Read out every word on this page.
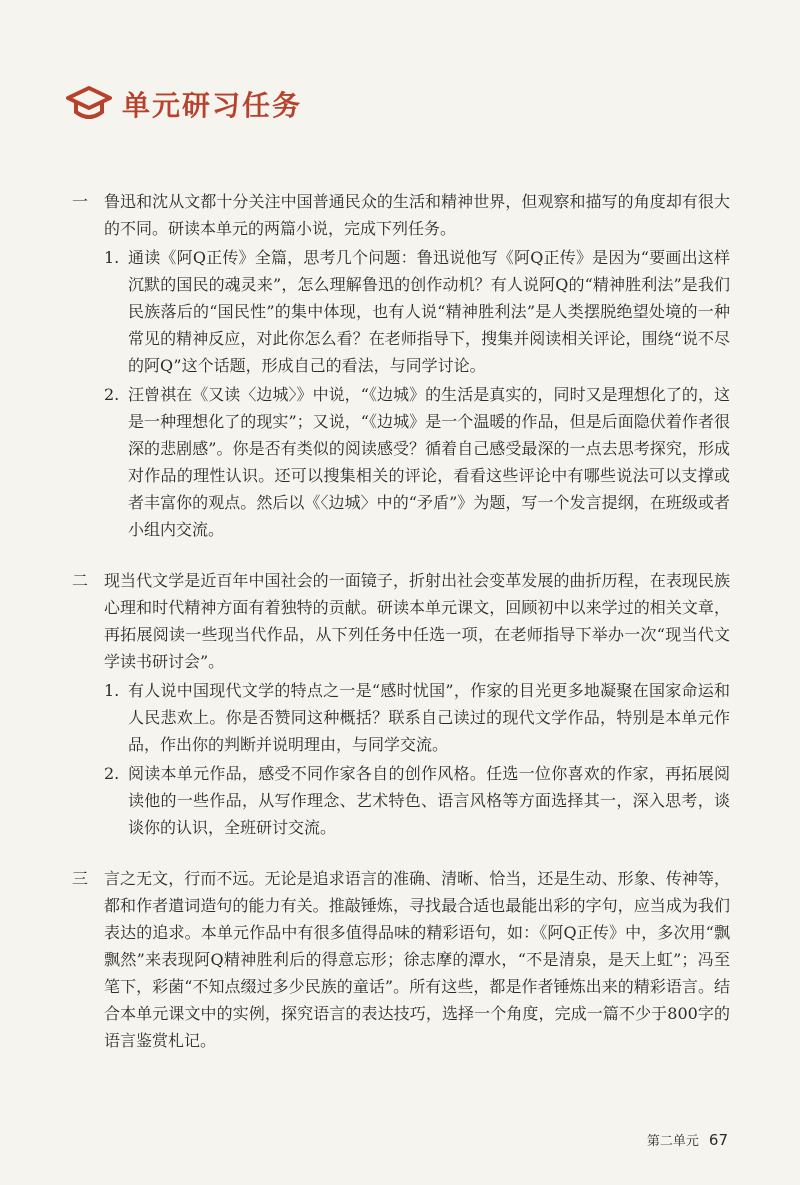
单元研习任务
一 鲁迅和沈从文都十分关注中国普通民众的生活和精神世界，但观察和描写的角度却有很大的不同。研读本单元的两篇小说，完成下列任务。
1. 通读《阿Q正传》全篇，思考几个问题：鲁迅说他写《阿Q正传》是因为“要画出这样沉默的国民的魂灵来”，怎么理解鲁迅的创作动机？有人说阿Q的“精神胜利法”是我们民族落后的“国民性”的集中体现，也有人说“精神胜利法”是人类摆脱绝望处境的一种常见的精神反应，对此你怎么看？在老师指导下，搜集并阅读相关评论，围绕“说不尽的阿Q”这个话题，形成自己的看法，与同学讨论。
2. 汪曾祺在《又读〈边城〉》中说，“《边城》的生活是真实的，同时又是理想化了的，这是一种理想化了的现实”；又说，“《边城》是一个温暖的作品，但是后面隐伏着作者很深的悲剧感”。你是否有类似的阅读感受？循着自己感受最深的一点去思考探究，形成对作品的理性认识。还可以搜集相关的评论，看看这些评论中有哪些说法可以支撑或者丰富你的观点。然后以《〈边城〉中的“矛盾”》为题，写一个发言提纲，在班级或者小组内交流。
二 现当代文学是近百年中国社会的一面镜子，折射出社会变革发展的曲折历程，在表现民族心理和时代精神方面有着独特的贡献。研读本单元课文，回顾初中以来学过的相关文章，再拓展阅读一些现当代作品，从下列任务中任选一项，在老师指导下举办一次“现当代文学读书研讨会”。
1. 有人说中国现代文学的特点之一是“感时忧国”，作家的目光更多地凝聚在国家命运和人民悲欢上。你是否赞同这种概括？联系自己读过的现代文学作品，特别是本单元作品，作出你的判断并说明理由，与同学交流。
2. 阅读本单元作品，感受不同作家各自的创作风格。任选一位你喜欢的作家，再拓展阅读他的一些作品，从写作理念、艺术特色、语言风格等方面选择其一，深入思考，谈谈你的认识，全班研讨交流。
三 言之无文，行而不远。无论是追求语言的准确、清晰、恰当，还是生动、形象、传神等，都和作者遣词造句的能力有关。推敲锤炼，寻找最合适也最能出彩的字句，应当成为我们表达的追求。本单元作品中有很多值得品味的精彩语句，如：《阿Q正传》中，多次用“飘飘然”来表现阿Q精神胜利后的得意忘形；徐志摩的潭水，“不是清泉，是天上虹”；冯至笔下，彩菌“不知点缀过多少民族的童话”。所有这些，都是作者锤炼出来的精彩语言。结合本单元课文中的实例，探究语言的表达技巧，选择一个角度，完成一篇不少于800字的语言鉴赏札记。
第二单元 67
